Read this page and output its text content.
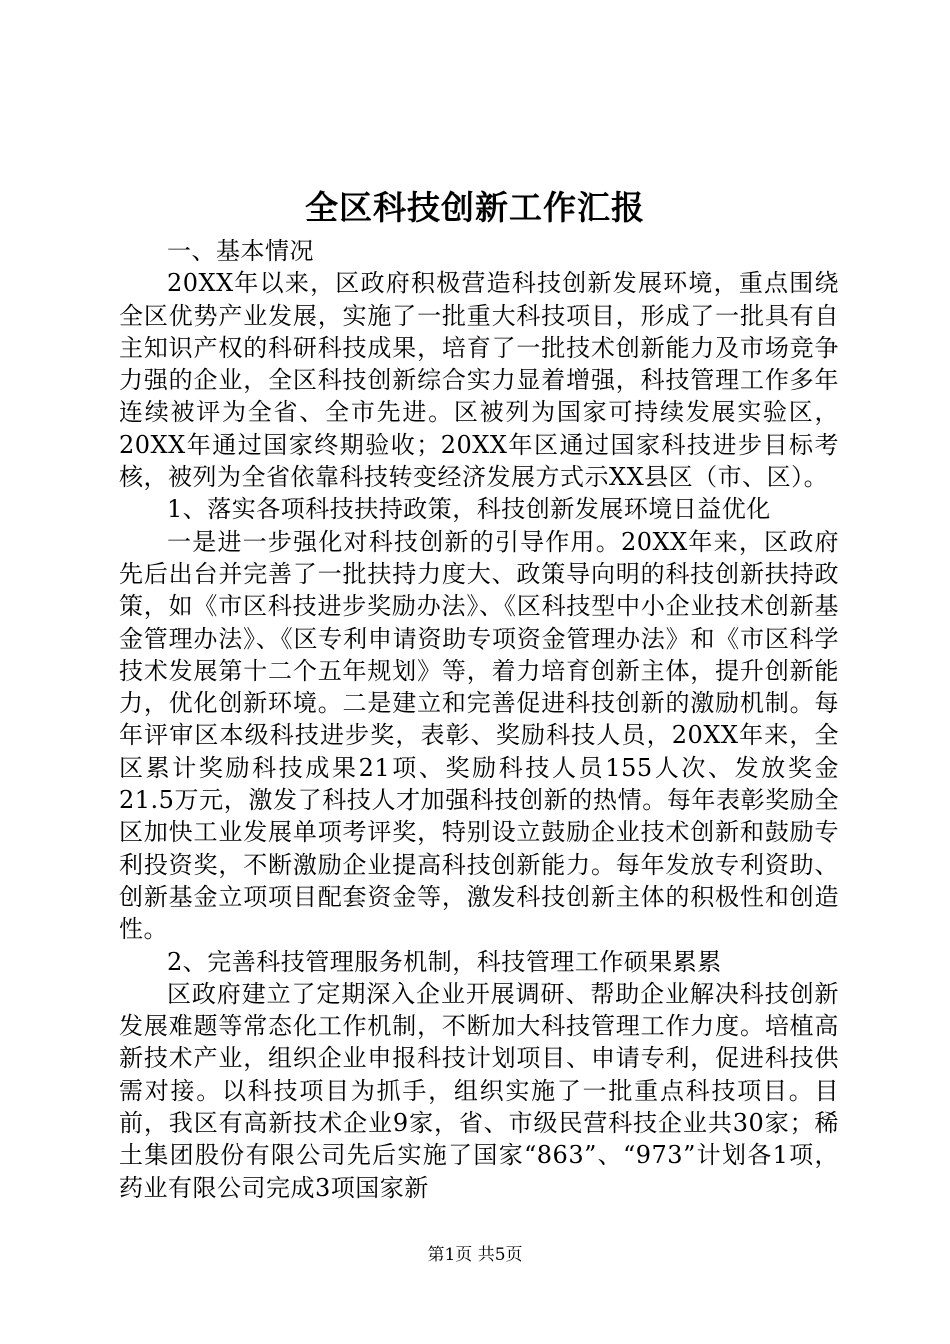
全区科技创新工作汇报

一、基本情况

20XX年以来，区政府积极营造科技创新发展环境，重点围绕全区优势产业发展，实施了一批重大科技项目，形成了一批具有自主知识产权的科研科技成果，培育了一批技术创新能力及市场竞争力强的企业，全区科技创新综合实力显着增强，科技管理工作多年连续被评为全省、全市先进。区被列为国家可持续发展实验区，20XX年通过国家终期验收；20XX年区通过国家科技进步目标考核，被列为全省依靠科技转变经济发展方式示XX县区（市、区）。

1、落实各项科技扶持政策，科技创新发展环境日益优化

一是进一步强化对科技创新的引导作用。20XX年来，区政府先后出台并完善了一批扶持力度大、政策导向明的科技创新扶持政策，如《市区科技进步奖励办法》、《区科技型中小企业技术创新基金管理办法》、《区专利申请资助专项资金管理办法》和《市区科学技术发展第十二个五年规划》等，着力培育创新主体，提升创新能力，优化创新环境。二是建立和完善促进科技创新的激励机制。每年评审区本级科技进步奖，表彰、奖励科技人员，20XX年来，全区累计奖励科技成果21项、奖励科技人员155人次、发放奖金21.5万元，激发了科技人才加强科技创新的热情。每年表彰奖励全区加快工业发展单项考评奖，特别设立鼓励企业技术创新和鼓励专利投资奖，不断激励企业提高科技创新能力。每年发放专利资助、创新基金立项项目配套资金等，激发科技创新主体的积极性和创造性。

2、完善科技管理服务机制，科技管理工作硕果累累

区政府建立了定期深入企业开展调研、帮助企业解决科技创新发展难题等常态化工作机制，不断加大科技管理工作力度。培植高新技术产业，组织企业申报科技计划项目、申请专利，促进科技供需对接。以科技项目为抓手，组织实施了一批重点科技项目。目前，我区有高新技术企业9家，省、市级民营科技企业共30家；稀土集团股份有限公司先后实施了国家“863”、“973”计划各1项，药业有限公司完成3项国家新

第1页 共5页
